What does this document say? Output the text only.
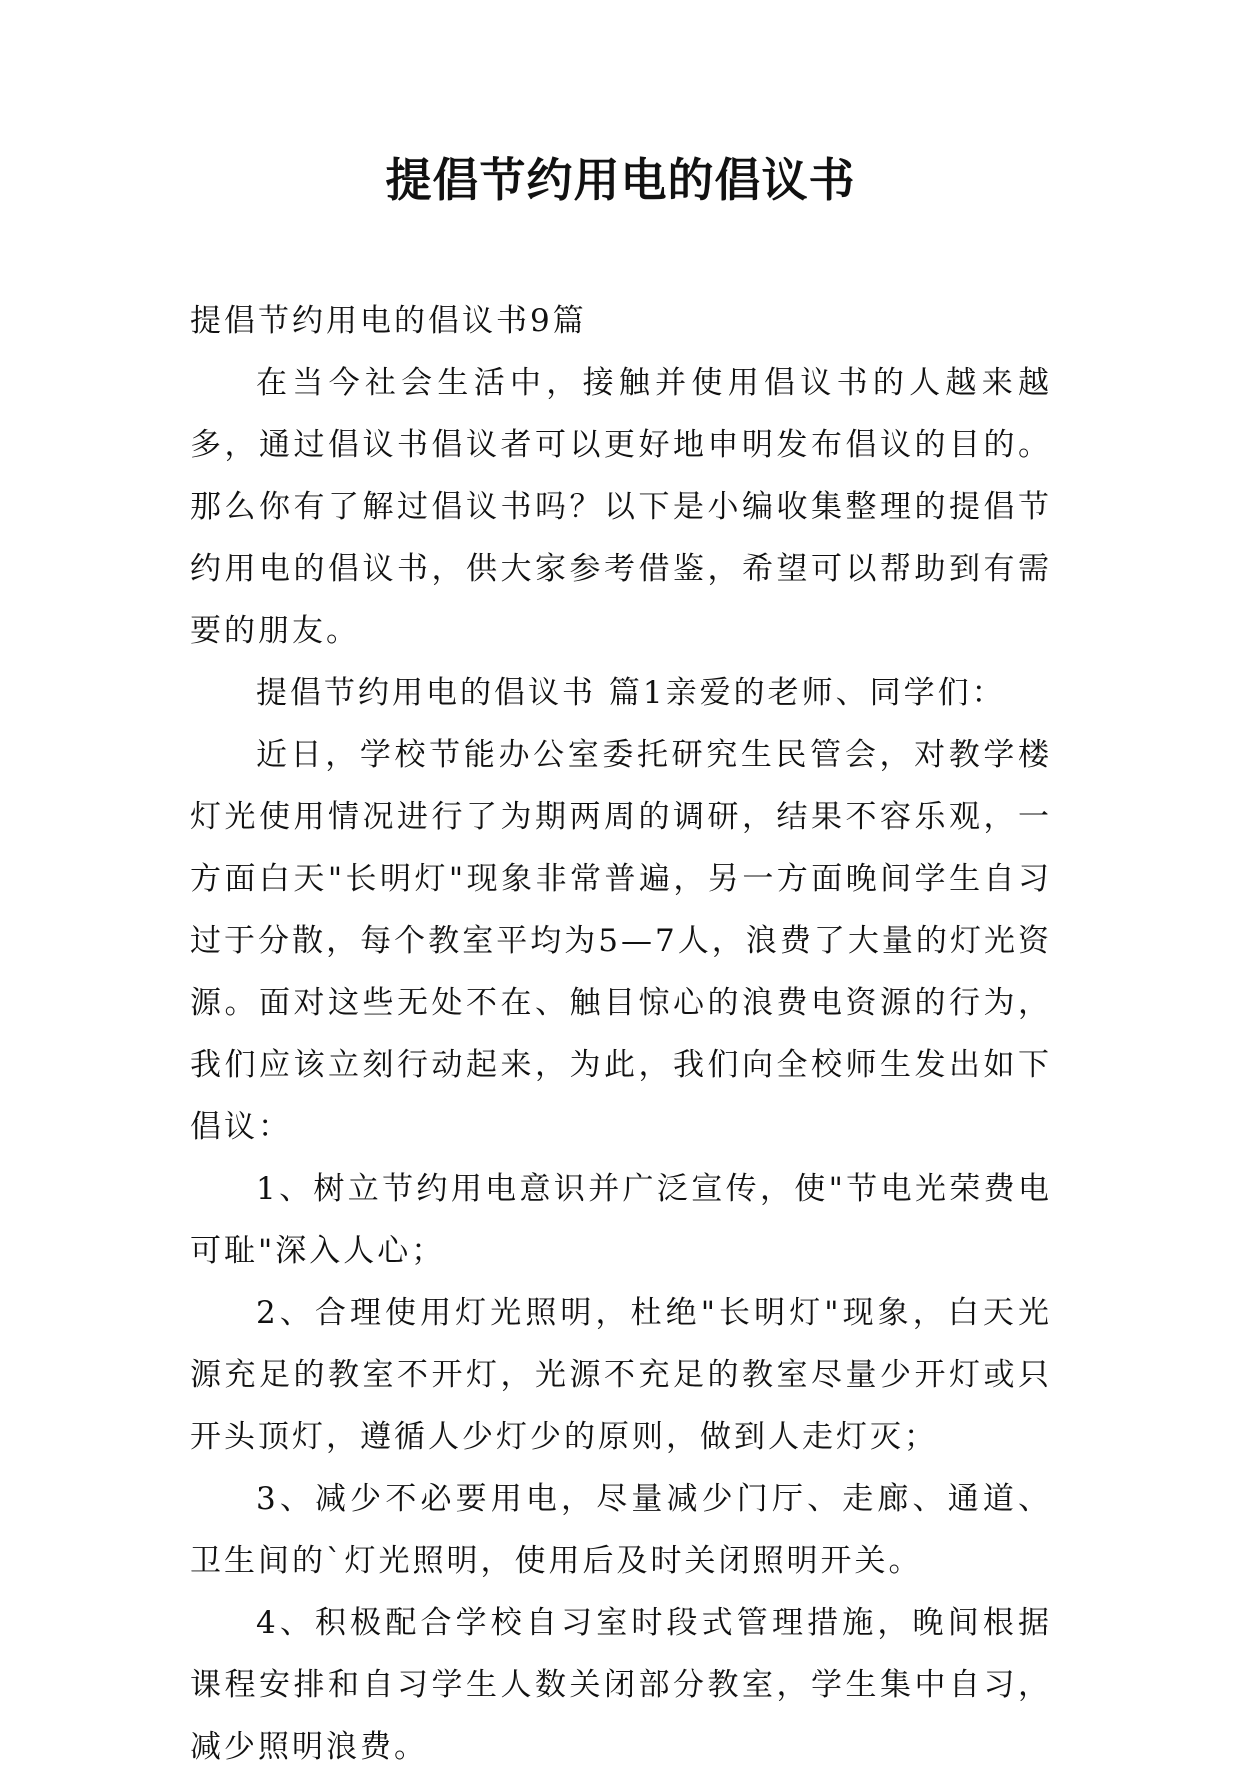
提倡节约用电的倡议书

提倡节约用电的倡议书9篇

在当今社会生活中，接触并使用倡议书的人越来越多，通过倡议书倡议者可以更好地申明发布倡议的目的。那么你有了解过倡议书吗？以下是小编收集整理的提倡节约用电的倡议书，供大家参考借鉴，希望可以帮助到有需要的朋友。

提倡节约用电的倡议书 篇1亲爱的老师、同学们：

近日，学校节能办公室委托研究生民管会，对教学楼灯光使用情况进行了为期两周的调研，结果不容乐观，一方面白天"长明灯"现象非常普遍，另一方面晚间学生自习过于分散，每个教室平均为5—7人，浪费了大量的灯光资源。面对这些无处不在、触目惊心的浪费电资源的行为，我们应该立刻行动起来，为此，我们向全校师生发出如下倡议：

1、树立节约用电意识并广泛宣传，使"节电光荣费电可耻"深入人心；

2、合理使用灯光照明，杜绝"长明灯"现象，白天光源充足的教室不开灯，光源不充足的教室尽量少开灯或只开头顶灯，遵循人少灯少的原则，做到人走灯灭；

3、减少不必要用电，尽量减少门厅、走廊、通道、卫生间的`灯光照明，使用后及时关闭照明开关。

4、积极配合学校自习室时段式管理措施，晚间根据课程安排和自习学生人数关闭部分教室，学生集中自习，减少照明浪费。
